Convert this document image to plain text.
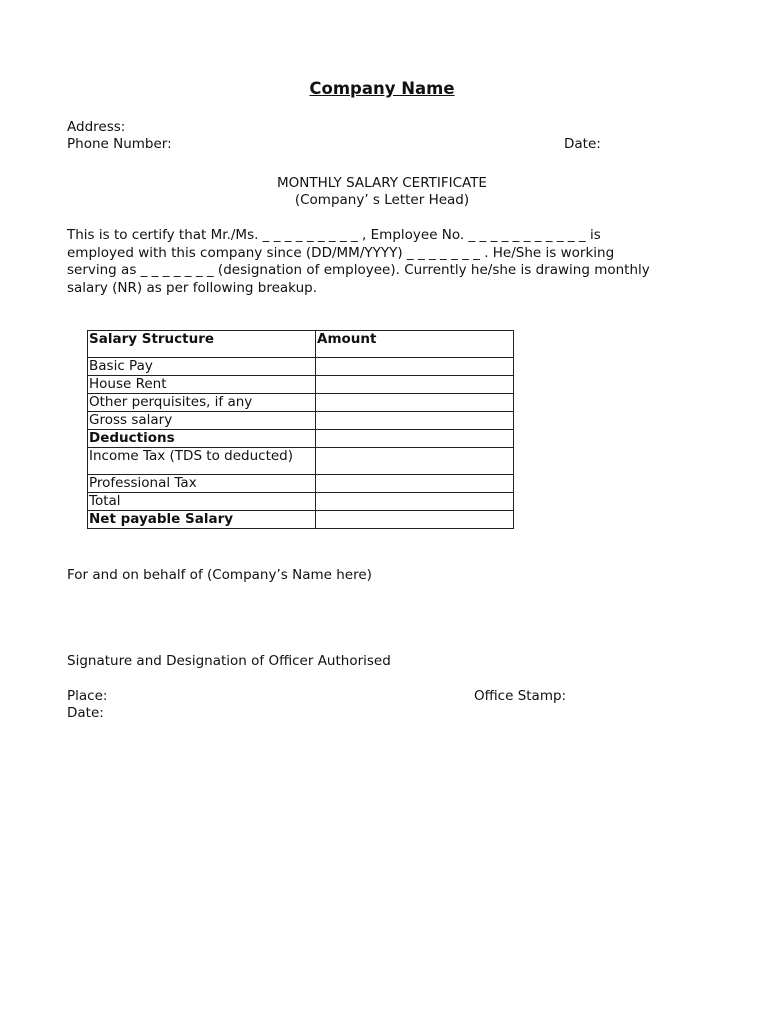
Company Name
Address:
Phone Number:	Date:
MONTHLY SALARY CERTIFICATE
(Company’ s Letter Head)
This is to certify that Mr./Ms. _ _ _ _ _ _ _ _ _ , Employee No. _ _ _ _ _ _ _ _ _ _ _ is
employed with this company since (DD/MM/YYYY) _ _ _ _ _ _ _ . He/She is working
serving as _ _ _ _ _ _ _ (designation of employee). Currently he/she is drawing monthly
salary (NR) as per following breakup.
Salary Structure	Amount
Basic Pay	
House Rent	
Other perquisites, if any	
Gross salary	
Deductions	
Income Tax (TDS to deducted)	
Professional Tax	
Total	
Net payable Salary	
For and on behalf of (Company’s Name here)
Signature and Designation of Officer Authorised
Place:	Office Stamp:
Date:
